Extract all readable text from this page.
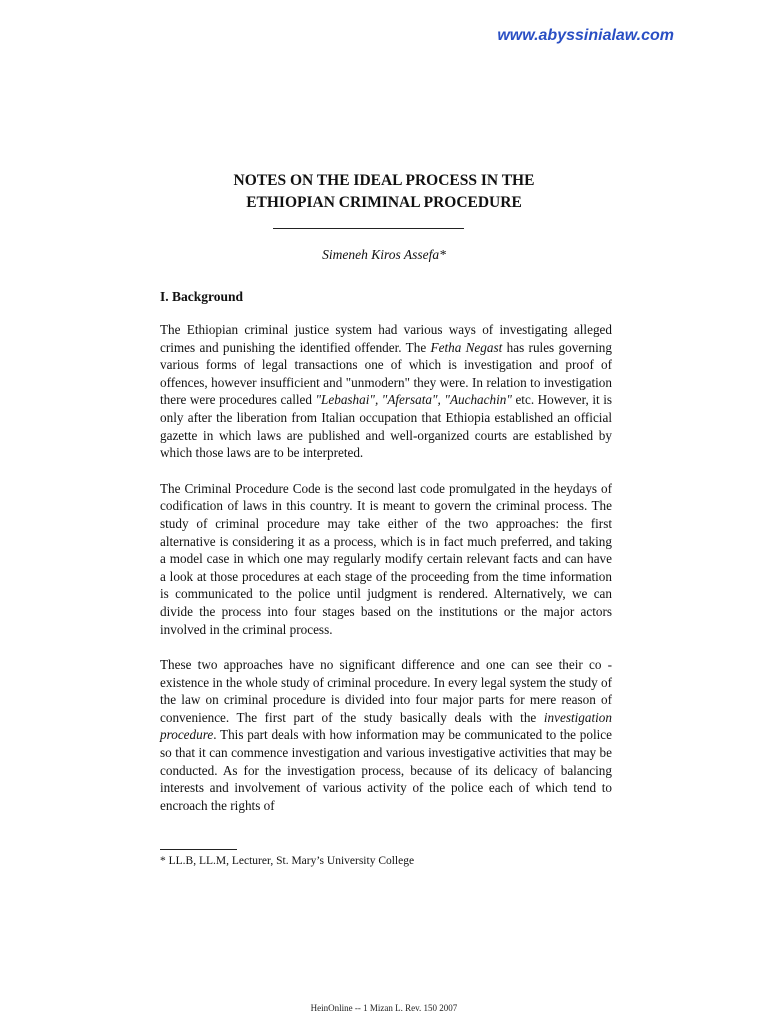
www.abyssinialaw.com
NOTES ON THE IDEAL PROCESS IN THE
ETHIOPIAN CRIMINAL PROCEDURE
Simeneh Kiros Assefa*
I. Background

The Ethiopian criminal justice system had various ways of investigating alleged crimes and punishing the identified offender. The Fetha Negast has rules governing various forms of legal transactions one of which is investigation and proof of offences, however insufficient and "unmodern" they were. In relation to investigation there were procedures called "Lebashai", "Afersata", "Auchachin" etc. However, it is only after the liberation from Italian occupation that Ethiopia established an official gazette in which laws are published and well-organized courts are established by which those laws are to be interpreted.

The Criminal Procedure Code is the second last code promulgated in the heydays of codification of laws in this country. It is meant to govern the criminal process. The study of criminal procedure may take either of the two approaches: the first alternative is considering it as a process, which is in fact much preferred, and taking a model case in which one may regularly modify certain relevant facts and can have a look at those procedures at each stage of the proceeding from the time information is communicated to the police until judgment is rendered. Alternatively, we can divide the process into four stages based on the institutions or the major actors involved in the criminal process.

These two approaches have no significant difference and one can see their co -existence in the whole study of criminal procedure. In every legal system the study of the law on criminal procedure is divided into four major parts for mere reason of convenience. The first part of the study basically deals with the investigation procedure. This part deals with how information may be communicated to the police so that it can commence investigation and various investigative activities that may be conducted. As for the investigation process, because of its delicacy of balancing interests and involvement of various activity of the police each of which tend to encroach the rights of

* LL.B, LL.M, Lecturer, St. Mary’s University College
HeinOnline -- 1 Mizan L. Rev. 150 2007
